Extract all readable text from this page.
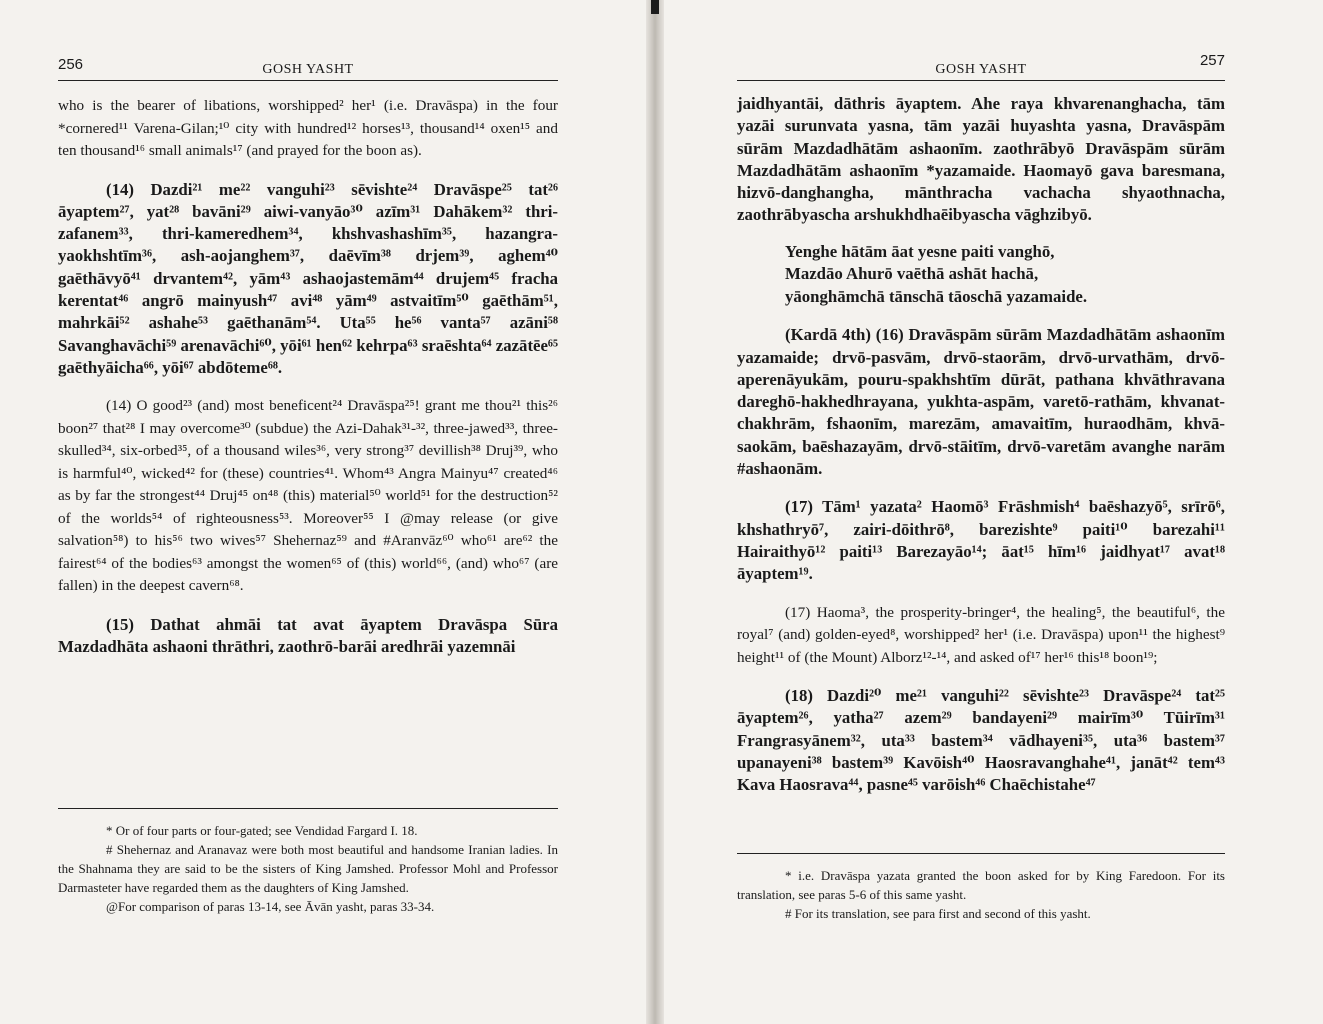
256	GOSH YASHT

who is the bearer of libations, worshipped² her¹ (i.e. Dravāspa) in the four *cornered¹¹ Varena-Gilan;¹⁰ city with hundred¹² horses¹³, thousand¹⁴ oxen¹⁵ and ten thousand¹⁶ small animals¹⁷ (and prayed for the boon as).

(14) Dazdi²¹ me²² vanguhi²³ sēvishte²⁴ Dravāspe²⁵ tat²⁶ āyaptem²⁷, yat²⁸ bavāni²⁹ aiwi-vanyāo³⁰ azīm³¹ Dahākem³² thri-zafanem³³, thri-kameredhem³⁴, khshvashashīm³⁵, hazangra-yaokhshtīm³⁶, ash-aojanghem³⁷, daēvīm³⁸ drjem³⁹, aghem⁴⁰ gaēthāvyō⁴¹ drvantem⁴², yām⁴³ ashaojastemām⁴⁴ drujem⁴⁵ fracha kerentat⁴⁶ angrō mainyush⁴⁷ avi⁴⁸ yām⁴⁹ astvaitīm⁵⁰ gaēthām⁵¹, mahrkāi⁵² ashahe⁵³ gaēthanām⁵⁴. Uta⁵⁵ he⁵⁶ vanta⁵⁷ azāni⁵⁸ Savanghavāchi⁵⁹ arenavāchi⁶⁰, yōi⁶¹ hen⁶² kehrpa⁶³ sraēshta⁶⁴ zazātēe⁶⁵ gaēthyāicha⁶⁶, yōi⁶⁷ abdōteme⁶⁸.

(14) O good²³ (and) most beneficent²⁴ Dravāspa²⁵! grant me thou²¹ this²⁶ boon²⁷ that²⁸ I may overcome³⁰ (subdue) the Azi-Dahak³¹-³², three-jawed³³, three-skulled³⁴, six-orbed³⁵, of a thousand wiles³⁶, very strong³⁷ devillish³⁸ Druj³⁹, who is harmful⁴⁰, wicked⁴² for (these) countries⁴¹. Whom⁴³ Angra Mainyu⁴⁷ created⁴⁶ as by far the strongest⁴⁴ Druj⁴⁵ on⁴⁸ (this) material⁵⁰ world⁵¹ for the destruction⁵² of the worlds⁵⁴ of righteousness⁵³. Moreover⁵⁵ I @may release (or give salvation⁵⁸) to his⁵⁶ two wives⁵⁷ Shehernaz⁵⁹ and #Aranvāz⁶⁰ who⁶¹ are⁶² the fairest⁶⁴ of the bodies⁶³ amongst the women⁶⁵ of (this) world⁶⁶, (and) who⁶⁷ (are fallen) in the deepest cavern⁶⁸.

(15) Dathat ahmāi tat avat āyaptem Dravāspa Sūra Mazdadhāta ashaoni thrāthri, zaothrō-barāi aredhrāi yazemnāi

* Or of four parts or four-gated; see Vendidad Fargard I. 18.

# Shehernaz and Aranavaz were both most beautiful and handsome Iranian ladies. In the Shahnama they are said to be the sisters of King Jamshed. Professor Mohl and Professor Darmasteter have regarded them as the daughters of King Jamshed.

@For comparison of paras 13-14, see Āvān yasht, paras 33-34.

GOSH YASHT
257

jaidhyantāi, dāthris āyaptem. Ahe raya khvarenanghacha, tām yazāi surunvata yasna, tām yazāi huyashta yasna, Dravāspām sūrām Mazdadhātām ashaonīm. zaothrābyō Dravāspām sūrām Mazdadhātām ashaonīm *yazamaide. Haomayō gava baresmana, hizvō-danghangha, mānthracha vachacha shyaothnacha, zaothrābyascha arshukhdhaēibyascha vāghzibyō.

Yenghe hātām āat yesne paiti vanghō,
Mazdāo Ahurō vaēthā ashāt hachā,
yāonghāmchā tānschā tāoschā yazamaide.

(Kardā 4th) (16) Dravāspām sūrām Mazdadhātām ashaonīm yazamaide; drvō-pasvām, drvō-staorām, drvō-urvathām, drvō-aperenāyukām, pouru-spakhshtīm dūrāt, pathana khvāthravana dareghō-hakhedhrayana, yukhta-aspām, varetō-rathām, khvanat-chakhrām, fshaonīm, marezām, amavaitīm, huraodhām, khvā-saokām, baēshazayām, drvō-stāitīm, drvō-varetām avanghe narām #ashaonām.

(17) Tām¹ yazata² Haomō³ Frāshmish⁴ baēshazyō⁵, srīrō⁶, khshathryō⁷, zairi-dōithrō⁸, barezishte⁹ paiti¹⁰ barezahi¹¹ Hairaithyō¹² paiti¹³ Barezayāo¹⁴; āat¹⁵ hīm¹⁶ jaidhyat¹⁷ avat¹⁸ āyaptem¹⁹.

(17) Haoma³, the prosperity-bringer⁴, the healing⁵, the beautiful⁶, the royal⁷ (and) golden-eyed⁸, worshipped² her¹ (i.e. Dravāspa) upon¹¹ the highest⁹ height¹¹ of (the Mount) Alborz¹²-¹⁴, and asked of¹⁷ her¹⁶ this¹⁸ boon¹⁹;

(18) Dazdi²⁰ me²¹ vanguhi²² sēvishte²³ Dravāspe²⁴ tat²⁵ āyaptem²⁶, yatha²⁷ azem²⁹ bandayeni²⁹ mairīm³⁰ Tūirīm³¹ Frangrasyānem³², uta³³ bastem³⁴ vādhayeni³⁵, uta³⁶ bastem³⁷ upanayeni³⁸ bastem³⁹ Kavōish⁴⁰ Haosravanghahe⁴¹, janāt⁴² tem⁴³ Kava Haosrava⁴⁴, pasne⁴⁵ varōish⁴⁶ Chaēchistahe⁴⁷

* i.e. Dravāspa yazata granted the boon asked for by King Faredoon. For its translation, see paras 5-6 of this same yasht.

# For its translation, see para first and second of this yasht.
